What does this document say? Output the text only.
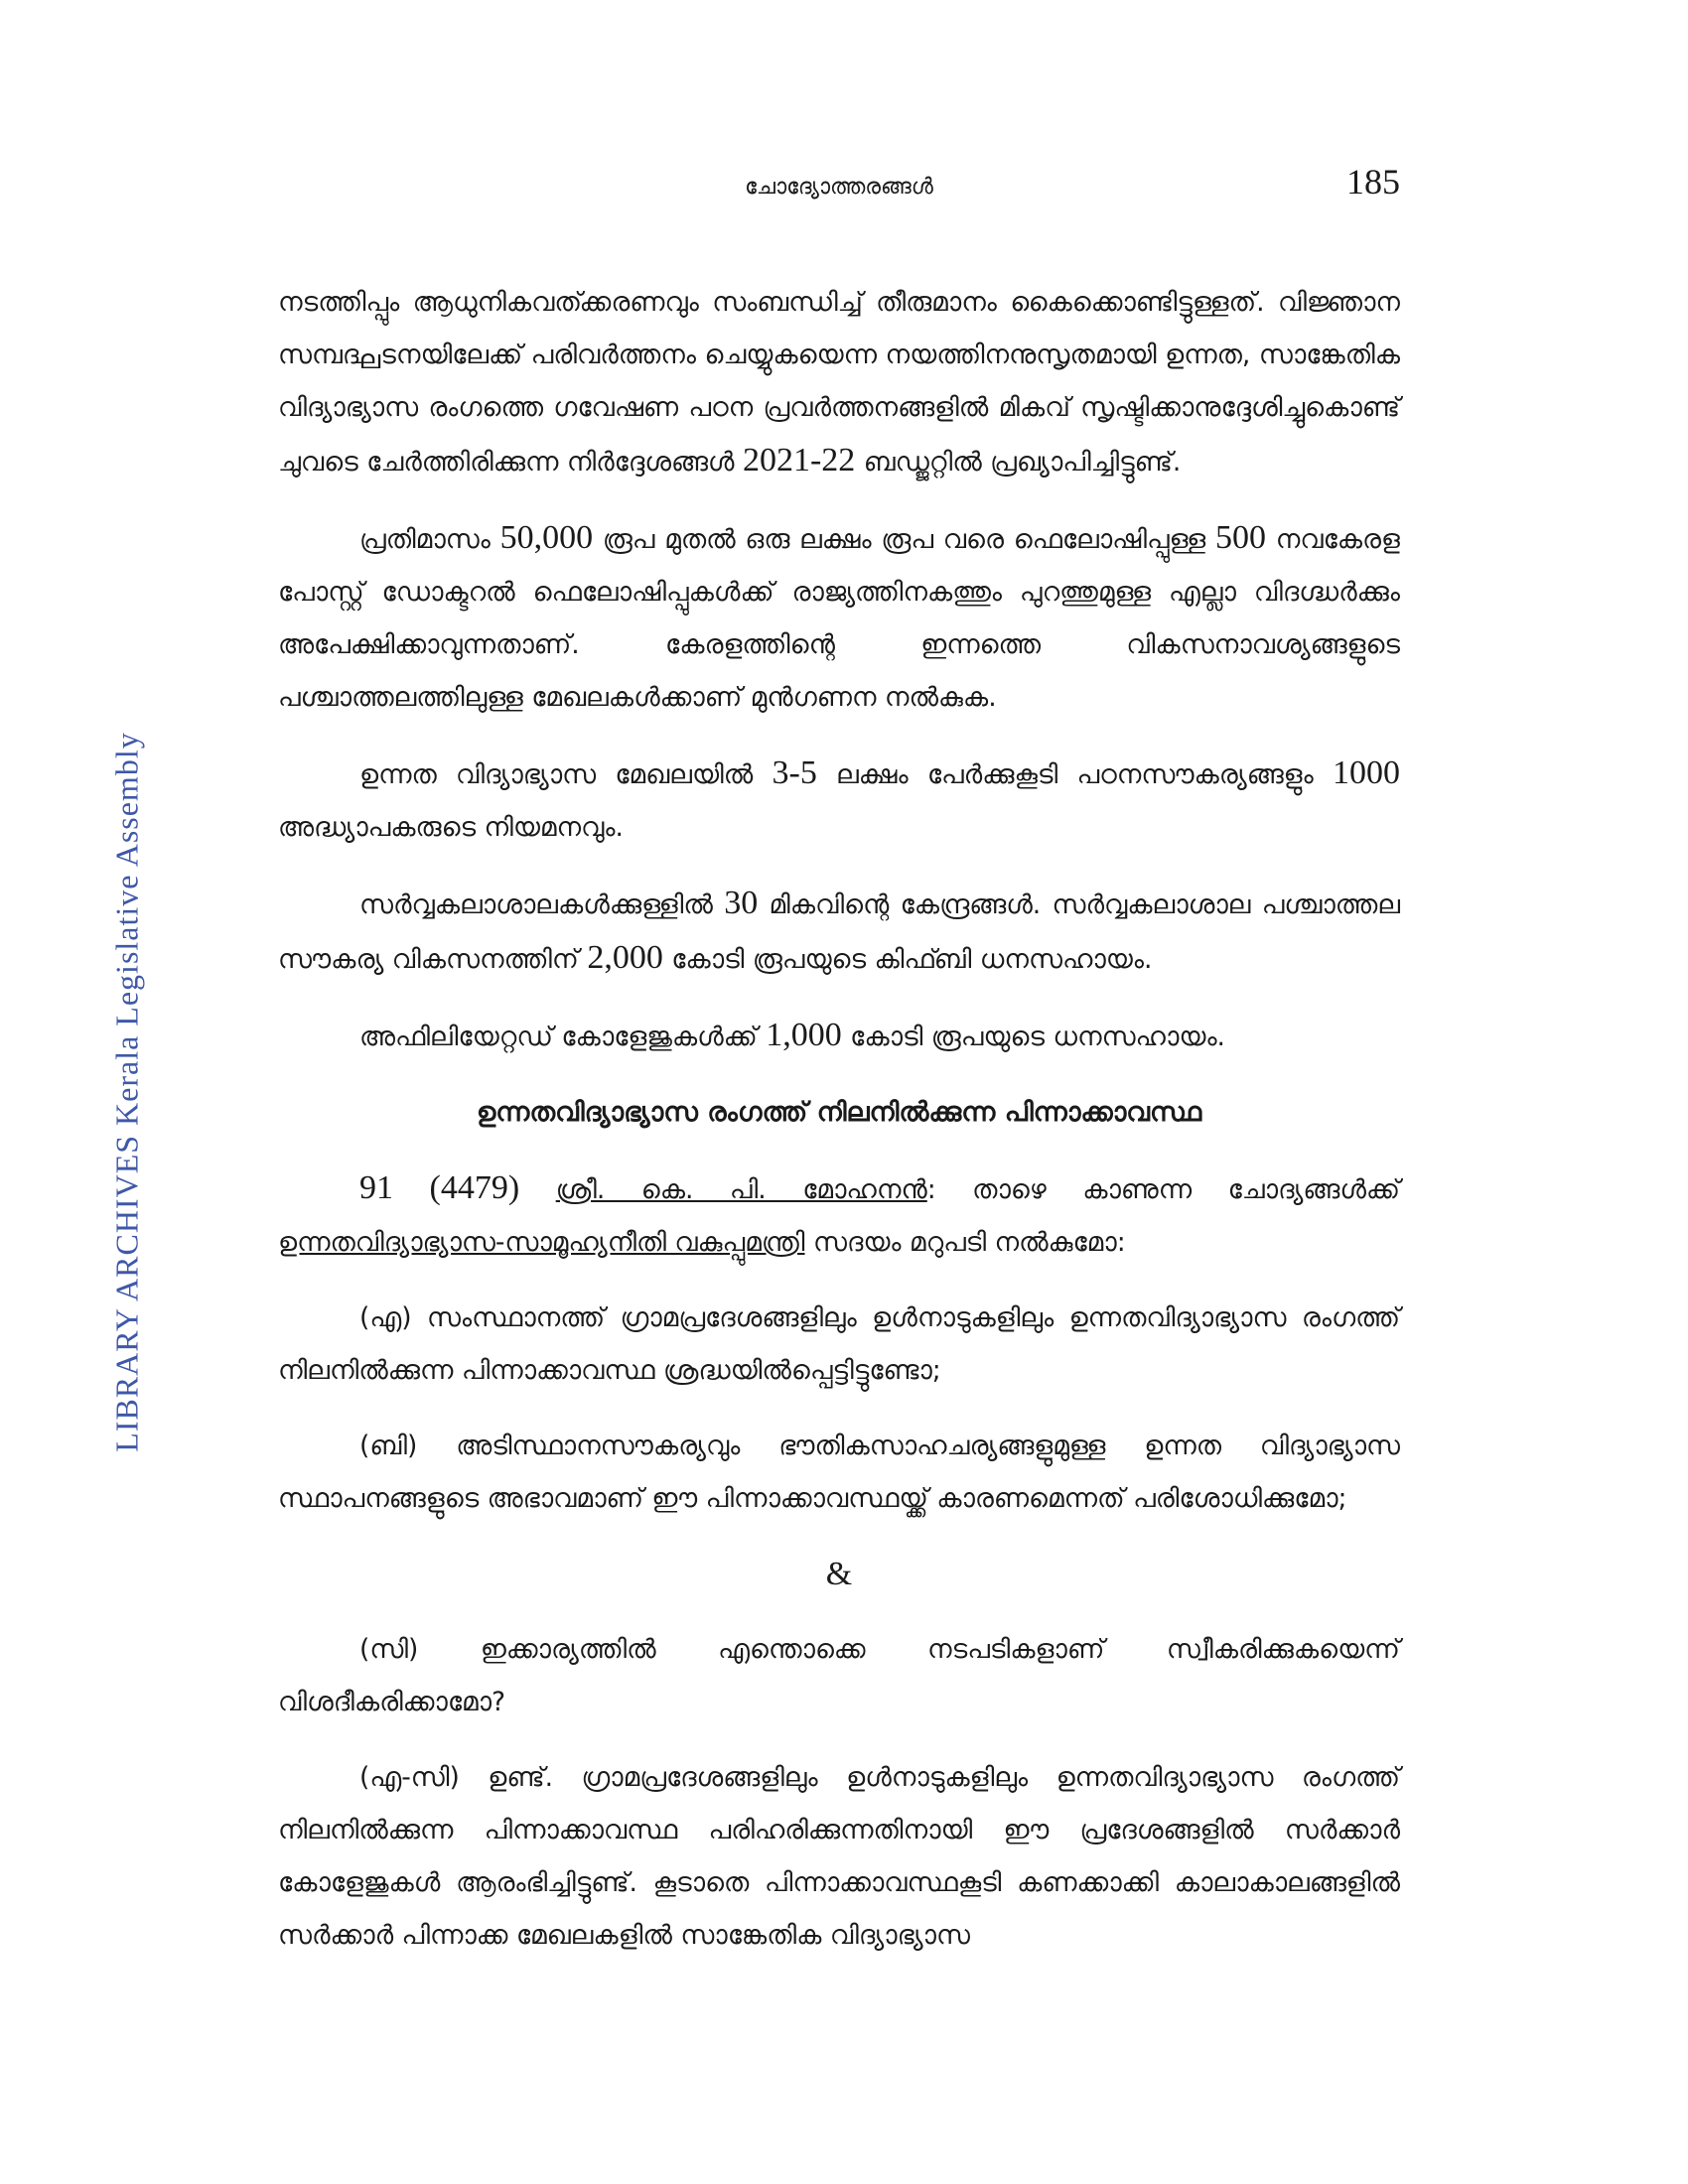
LIBRARY ARCHIVES Kerala Legislative Assembly
ചോദ്യോത്തരങ്ങൾ	185

നടത്തിപ്പും ആധുനികവത്ക്കരണവും സംബന്ധിച്ച് തീരുമാനം കൈക്കൊണ്ടിട്ടുള്ളത്. വിജ്ഞാന സമ്പദ്ഘടനയിലേക്ക് പരിവർത്തനം ചെയ്യുകയെന്ന നയത്തിനനുസൃതമായി ഉന്നത, സാങ്കേതിക വിദ്യാഭ്യാസ രംഗത്തെ ഗവേഷണ പഠന പ്രവർത്തനങ്ങളിൽ മികവ് സൃഷ്ടിക്കാനുദ്ദേശിച്ചുകൊണ്ട് ചുവടെ ചേർത്തിരിക്കുന്ന നിർദ്ദേശങ്ങൾ 2021-22 ബഡ്ജറ്റിൽ പ്രഖ്യാപിച്ചിട്ടുണ്ട്.

പ്രതിമാസം 50,000 രൂപ മുതൽ ഒരു ലക്ഷം രൂപ വരെ ഫെലോഷിപ്പുള്ള 500 നവകേരള പോസ്റ്റ് ഡോക്ടറൽ ഫെലോഷിപ്പുകൾക്ക് രാജ്യത്തിനകത്തും പുറത്തുമുള്ള എല്ലാ വിദഗ്ദ്ധർക്കും അപേക്ഷിക്കാവുന്നതാണ്. കേരളത്തിന്റെ ഇന്നത്തെ വികസനാവശ്യങ്ങളുടെ പശ്ചാത്തലത്തിലുള്ള മേഖലകൾക്കാണ് മുൻഗണന നൽകുക.

ഉന്നത വിദ്യാഭ്യാസ മേഖലയിൽ 3-5 ലക്ഷം പേർക്കുകൂടി പഠനസൗകര്യങ്ങളും 1000 അദ്ധ്യാപകരുടെ നിയമനവും.

സർവ്വകലാശാലകൾക്കുള്ളിൽ 30 മികവിന്റെ കേന്ദ്രങ്ങൾ. സർവ്വകലാശാല പശ്ചാത്തല സൗകര്യ വികസനത്തിന് 2,000 കോടി രൂപയുടെ കിഫ്ബി ധനസഹായം.

അഫിലിയേറ്റഡ് കോളേജുകൾക്ക് 1,000 കോടി രൂപയുടെ ധനസഹായം.

ഉന്നതവിദ്യാഭ്യാസ രംഗത്ത് നിലനിൽക്കുന്ന പിന്നാക്കാവസ്ഥ

91 (4479) ശ്രീ. കെ. പി. മോഹനൻ: താഴെ കാണുന്ന ചോദ്യങ്ങൾക്ക് ഉന്നതവിദ്യാഭ്യാസ-സാമൂഹ്യനീതി വകുപ്പുമന്ത്രി സദയം മറുപടി നൽകുമോ:

(എ) സംസ്ഥാനത്ത് ഗ്രാമപ്രദേശങ്ങളിലും ഉൾനാടുകളിലും ഉന്നതവിദ്യാഭ്യാസ രംഗത്ത് നിലനിൽക്കുന്ന പിന്നാക്കാവസ്ഥ ശ്രദ്ധയിൽപ്പെട്ടിട്ടുണ്ടോ;

(ബി) അടിസ്ഥാനസൗകര്യവും ഭൗതികസാഹചര്യങ്ങളുമുള്ള ഉന്നത വിദ്യാഭ്യാസ സ്ഥാപനങ്ങളുടെ അഭാവമാണ് ഈ പിന്നാക്കാവസ്ഥയ്ക്ക് കാരണമെന്നത് പരിശോധിക്കുമോ;

&

(സി) ഇക്കാര്യത്തിൽ എന്തൊക്കെ നടപടികളാണ് സ്വീകരിക്കുകയെന്ന് വിശദീകരിക്കാമോ?

(എ-സി) ഉണ്ട്. ഗ്രാമപ്രദേശങ്ങളിലും ഉൾനാടുകളിലും ഉന്നതവിദ്യാഭ്യാസ രംഗത്ത് നിലനിൽക്കുന്ന പിന്നാക്കാവസ്ഥ പരിഹരിക്കുന്നതിനായി ഈ പ്രദേശങ്ങളിൽ സർക്കാർ കോളേജുകൾ ആരംഭിച്ചിട്ടുണ്ട്. കൂടാതെ പിന്നാക്കാവസ്ഥകൂടി കണക്കാക്കി കാലാകാലങ്ങളിൽ സർക്കാർ പിന്നാക്ക മേഖലകളിൽ സാങ്കേതിക വിദ്യാഭ്യാസ
